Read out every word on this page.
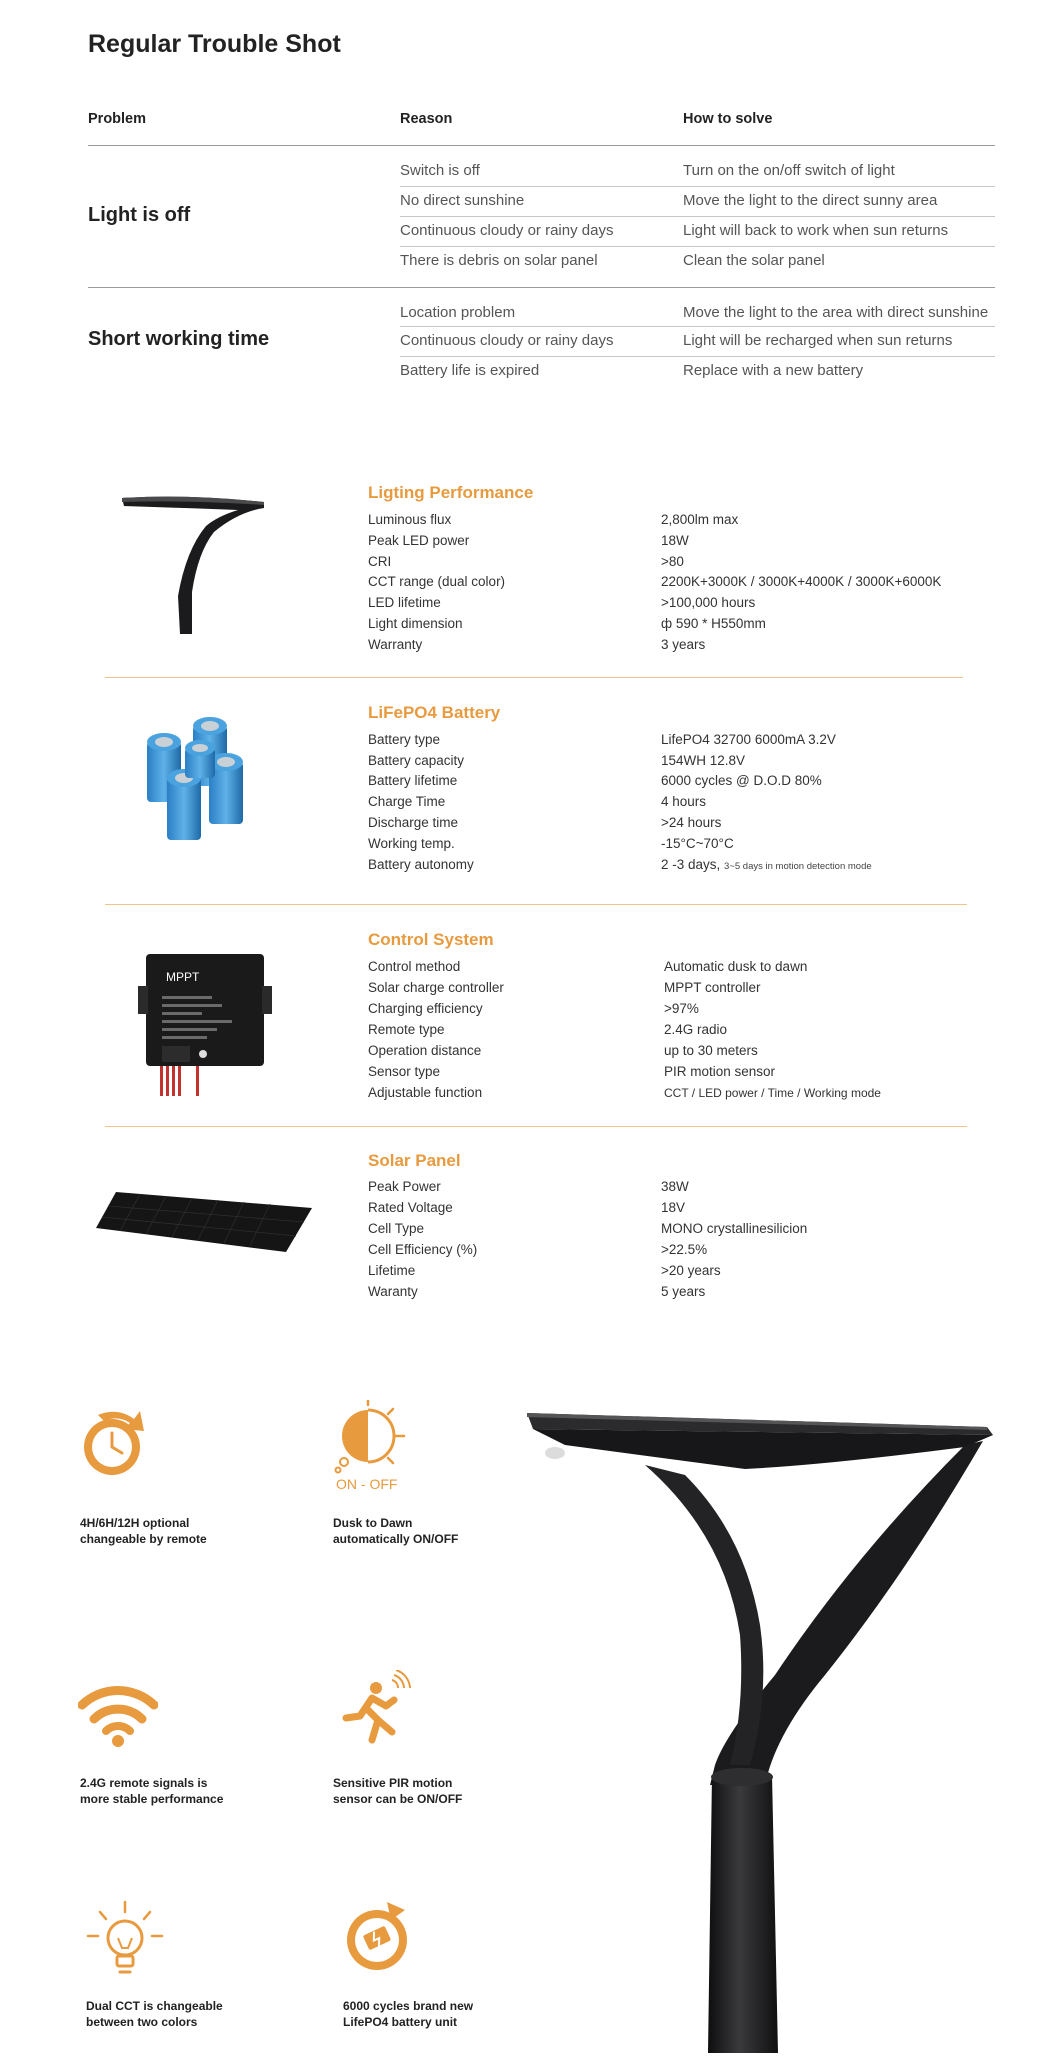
Regular Trouble Shot
Problem	Reason	How to solve
Light is off
Switch is off	Turn on the on/off switch of light
No direct sunshine	Move the light to the direct sunny area
Continuous cloudy or rainy days	Light will back to work when sun returns
There is debris on solar panel	Clean the solar panel
Short working time
Location problem	Move the light to the area with direct sunshine
Continuous cloudy or rainy days	Light will be recharged when sun returns
Battery life is expired	Replace with a new battery
Ligting Performance
Luminous flux	2,800lm max
Peak LED power	18W
CRI	>80
CCT range (dual color)	2200K+3000K / 3000K+4000K / 3000K+6000K
LED lifetime	>100,000 hours
Light dimension	ф 590 * H550mm
Warranty	3 years
LiFePO4 Battery
Battery type	LifePO4 32700 6000mA 3.2V
Battery capacity	154WH 12.8V
Battery lifetime	6000 cycles @ D.O.D 80%
Charge Time	4 hours
Discharge time	>24 hours
Working temp.	-15°C~70°C
Battery autonomy	2 -3 days, 3~5 days in motion detection mode
MPPT
Control System
Control method	Automatic dusk to dawn
Solar charge controller	MPPT controller
Charging efficiency	>97%
Remote type	2.4G radio
Operation distance	up to 30 meters
Sensor type	PIR motion sensor
Adjustable function	CCT / LED power / Time / Working mode
Solar Panel
Peak Power	38W
Rated Voltage	18V
Cell Type	MONO crystallinesilicion
Cell Efficiency (%)	>22.5%
Lifetime	>20 years
Waranty	5 years
4H/6H/12H optional
changeable by remote
ON - OFF
Dusk to Dawn
automatically ON/OFF
2.4G remote signals is
more stable performance
Sensitive PIR motion
sensor can be ON/OFF
Dual CCT is changeable
between two colors
6000 cycles brand new
LifePO4 battery unit
